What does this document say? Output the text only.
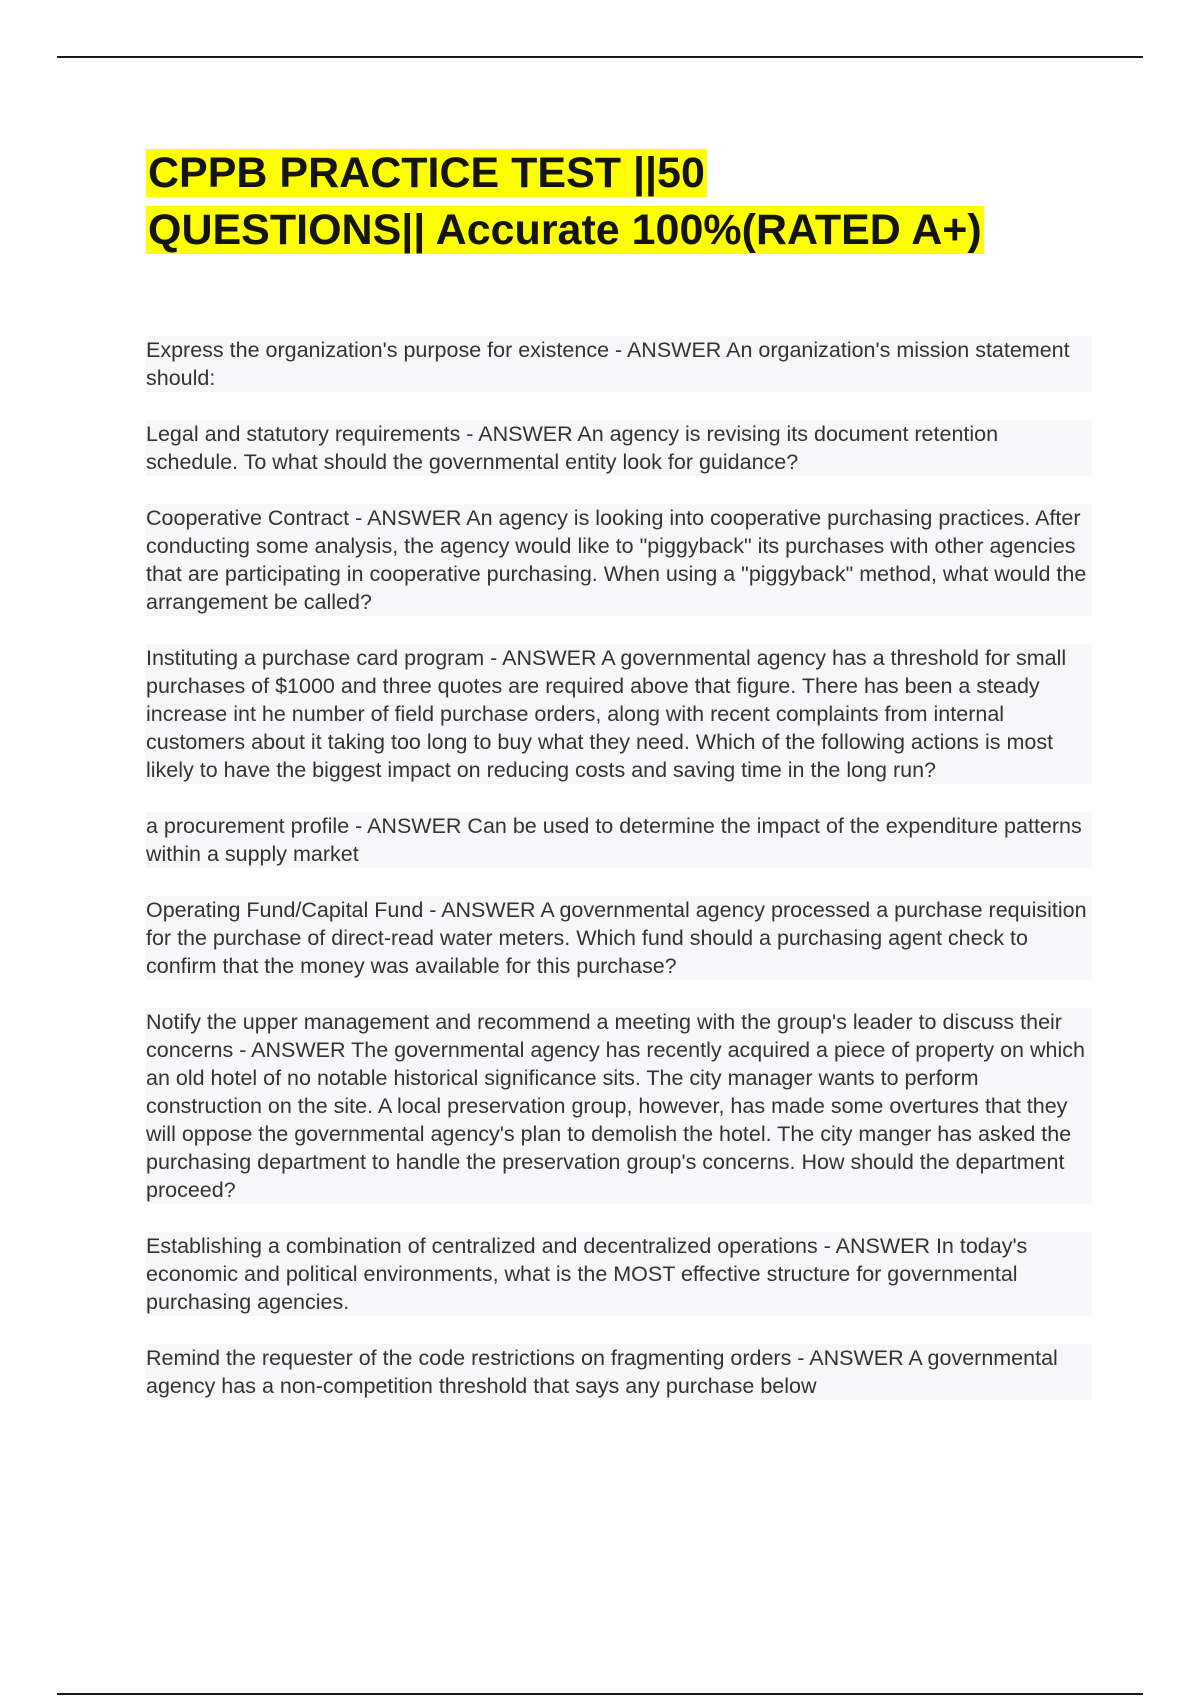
CPPB PRACTICE TEST ||50
QUESTIONS|| Accurate 100%(RATED A+)

Express the organization's purpose for existence - ANSWER An organization's mission statement should:

Legal and statutory requirements - ANSWER An agency is revising its document retention schedule. To what should the governmental entity look for guidance?

Cooperative Contract - ANSWER An agency is looking into cooperative purchasing practices. After conducting some analysis, the agency would like to "piggyback" its purchases with other agencies that are participating in cooperative purchasing. When using a "piggyback" method, what would the arrangement be called?

Instituting a purchase card program - ANSWER A governmental agency has a threshold for small purchases of $1000 and three quotes are required above that figure. There has been a steady increase int he number of field purchase orders, along with recent complaints from internal customers about it taking too long to buy what they need. Which of the following actions is most likely to have the biggest impact on reducing costs and saving time in the long run?

a procurement profile - ANSWER Can be used to determine the impact of the expenditure patterns within a supply market

Operating Fund/Capital Fund - ANSWER A governmental agency processed a purchase requisition for the purchase of direct-read water meters. Which fund should a purchasing agent check to confirm that the money was available for this purchase?

Notify the upper management and recommend a meeting with the group's leader to discuss their concerns - ANSWER The governmental agency has recently acquired a piece of property on which an old hotel of no notable historical significance sits. The city manager wants to perform construction on the site. A local preservation group, however, has made some overtures that they will oppose the governmental agency's plan to demolish the hotel. The city manger has asked the purchasing department to handle the preservation group's concerns. How should the department proceed?

Establishing a combination of centralized and decentralized operations - ANSWER In today's economic and political environments, what is the MOST effective structure for governmental purchasing agencies.

Remind the requester of the code restrictions on fragmenting orders - ANSWER A governmental agency has a non-competition threshold that says any purchase below
